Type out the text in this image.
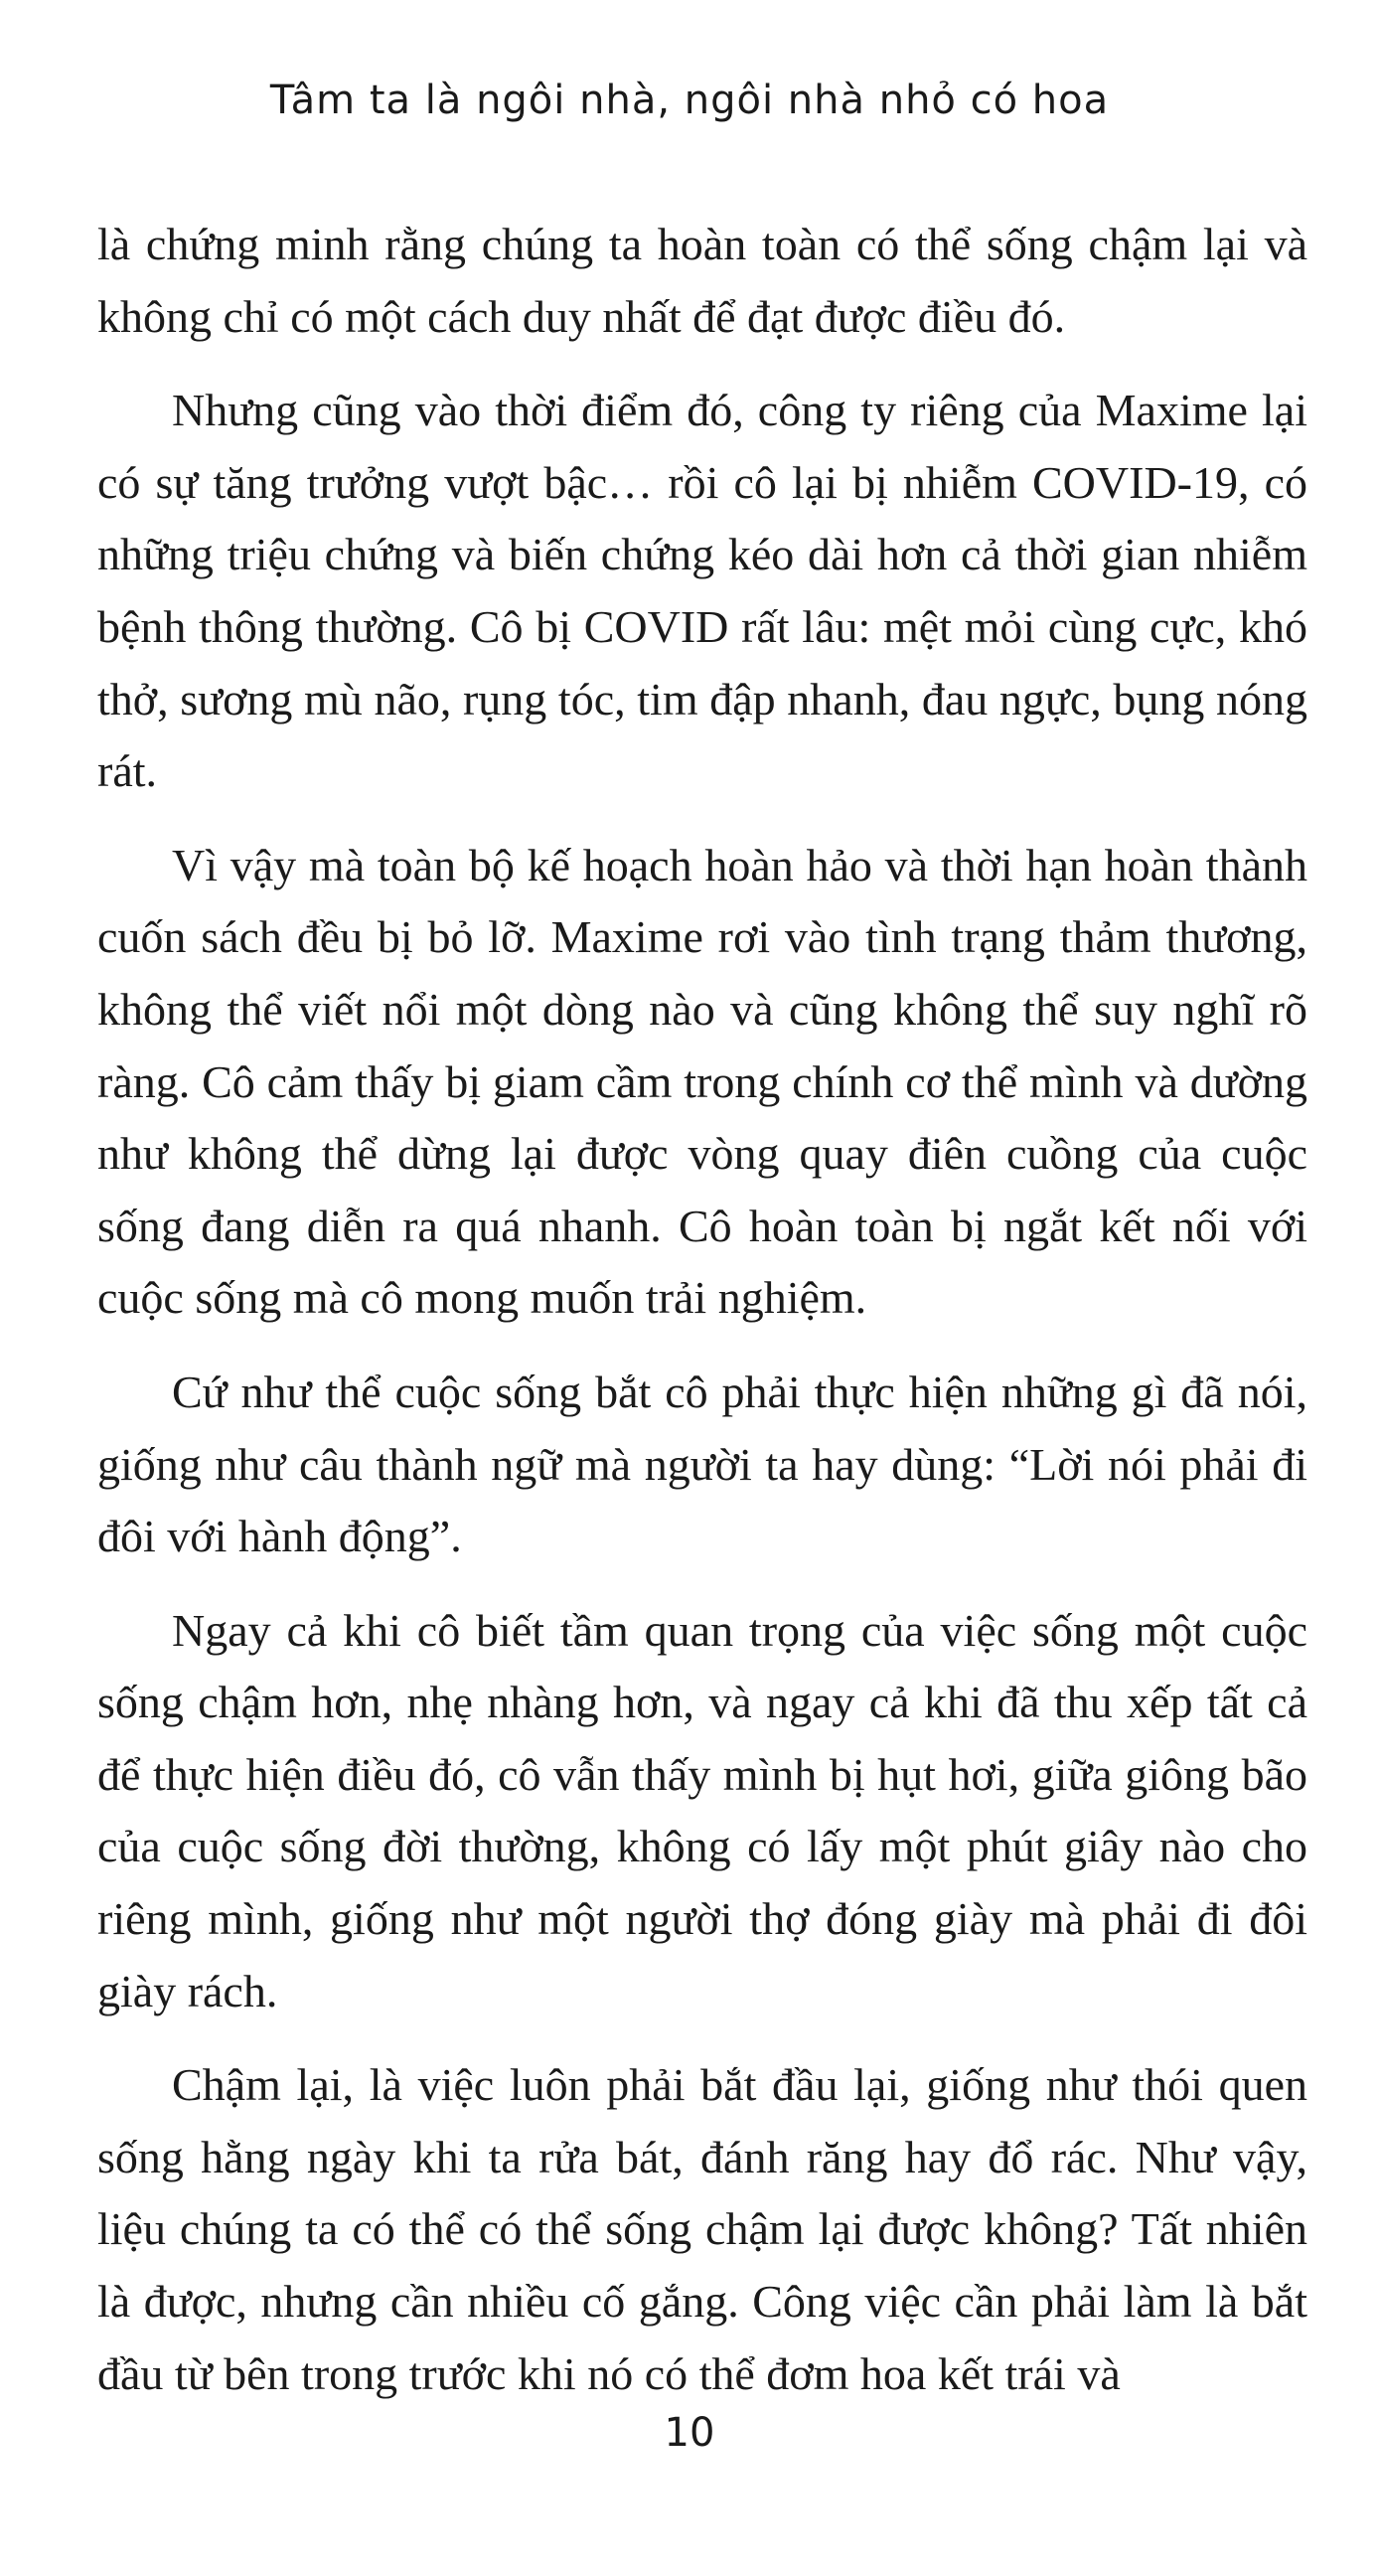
Tâm ta là ngôi nhà, ngôi nhà nhỏ có hoa

là chứng minh rằng chúng ta hoàn toàn có thể sống chậm lại và không chỉ có một cách duy nhất để đạt được điều đó.

Nhưng cũng vào thời điểm đó, công ty riêng của Maxime lại có sự tăng trưởng vượt bậc… rồi cô lại bị nhiễm COVID-19, có những triệu chứng và biến chứng kéo dài hơn cả thời gian nhiễm bệnh thông thường. Cô bị COVID rất lâu: mệt mỏi cùng cực, khó thở, sương mù não, rụng tóc, tim đập nhanh, đau ngực, bụng nóng rát.

Vì vậy mà toàn bộ kế hoạch hoàn hảo và thời hạn hoàn thành cuốn sách đều bị bỏ lỡ. Maxime rơi vào tình trạng thảm thương, không thể viết nổi một dòng nào và cũng không thể suy nghĩ rõ ràng. Cô cảm thấy bị giam cầm trong chính cơ thể mình và dường như không thể dừng lại được vòng quay điên cuồng của cuộc sống đang diễn ra quá nhanh. Cô hoàn toàn bị ngắt kết nối với cuộc sống mà cô mong muốn trải nghiệm.

Cứ như thể cuộc sống bắt cô phải thực hiện những gì đã nói, giống như câu thành ngữ mà người ta hay dùng: “Lời nói phải đi đôi với hành động”.

Ngay cả khi cô biết tầm quan trọng của việc sống một cuộc sống chậm hơn, nhẹ nhàng hơn, và ngay cả khi đã thu xếp tất cả để thực hiện điều đó, cô vẫn thấy mình bị hụt hơi, giữa giông bão của cuộc sống đời thường, không có lấy một phút giây nào cho riêng mình, giống như một người thợ đóng giày mà phải đi đôi giày rách.

Chậm lại, là việc luôn phải bắt đầu lại, giống như thói quen sống hằng ngày khi ta rửa bát, đánh răng hay đổ rác. Như vậy, liệu chúng ta có thể có thể sống chậm lại được không? Tất nhiên là được, nhưng cần nhiều cố gắng. Công việc cần phải làm là bắt đầu từ bên trong trước khi nó có thể đơm hoa kết trái và

10
